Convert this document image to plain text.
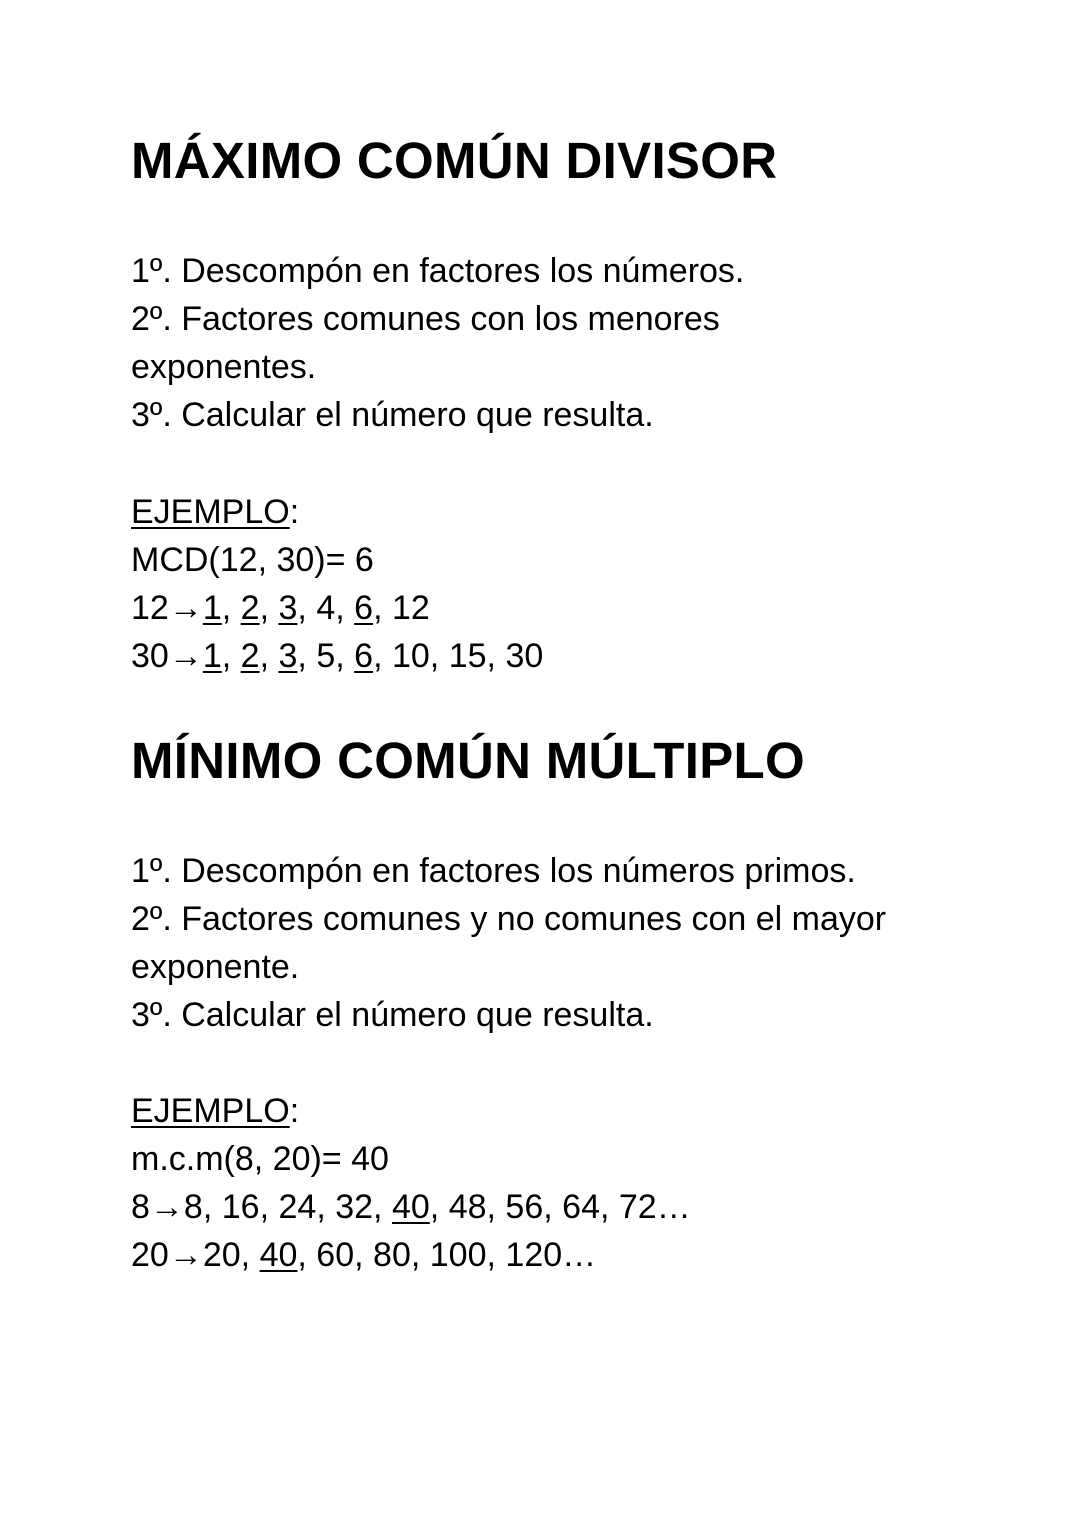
MÁXIMO COMÚN DIVISOR
1º. Descompón en factores los números.
2º. Factores comunes con los menores
exponentes.
3º. Calcular el número que resulta.
EJEMPLO:
MCD(12, 30)= 6
12→1, 2, 3, 4, 6, 12
30→1, 2, 3, 5, 6, 10, 15, 30
MÍNIMO COMÚN MÚLTIPLO
1º. Descompón en factores los números primos.
2º. Factores comunes y no comunes con el mayor
exponente.
3º. Calcular el número que resulta.
EJEMPLO:
m.c.m(8, 20)= 40
8→8, 16, 24, 32, 40, 48, 56, 64, 72…
20→20, 40, 60, 80, 100, 120…
